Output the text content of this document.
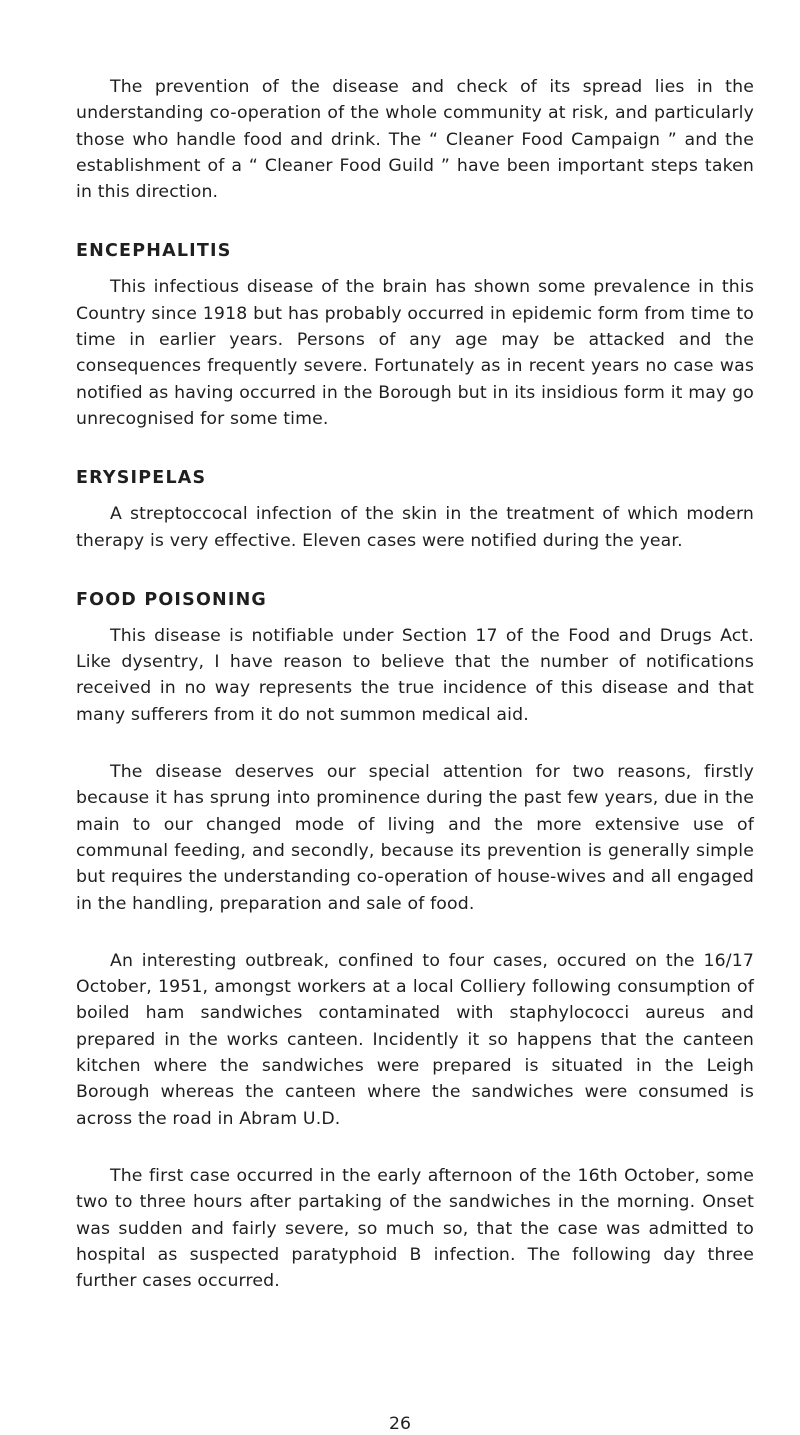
The prevention of the disease and check of its spread lies in the understanding co-operation of the whole community at risk, and particularly those who handle food and drink. The “ Cleaner Food Campaign ” and the establishment of a “ Cleaner Food Guild ” have been important steps taken in this direction.

ENCEPHALITIS

This infectious disease of the brain has shown some prevalence in this Country since 1918 but has probably occurred in epidemic form from time to time in earlier years. Persons of any age may be attacked and the consequences frequently severe. Fortunately as in recent years no case was notified as having occurred in the Borough but in its insidious form it may go unrecognised for some time.

ERYSIPELAS

A streptoccocal infection of the skin in the treatment of which modern therapy is very effective. Eleven cases were notified during the year.

FOOD POISONING

This disease is notifiable under Section 17 of the Food and Drugs Act. Like dysentry, I have reason to believe that the number of notifications received in no way represents the true incidence of this disease and that many sufferers from it do not summon medical aid.

The disease deserves our special attention for two reasons, firstly because it has sprung into prominence during the past few years, due in the main to our changed mode of living and the more extensive use of communal feeding, and secondly, because its prevention is generally simple but requires the understanding co-operation of house-wives and all engaged in the handling, preparation and sale of food.

An interesting outbreak, confined to four cases, occured on the 16/17 October, 1951, amongst workers at a local Colliery following consumption of boiled ham sandwiches contaminated with staphylococci aureus and prepared in the works canteen. Incidently it so happens that the canteen kitchen where the sandwiches were prepared is situated in the Leigh Borough whereas the canteen where the sandwiches were consumed is across the road in Abram U.D.

The first case occurred in the early afternoon of the 16th October, some two to three hours after partaking of the sandwiches in the morning. Onset was sudden and fairly severe, so much so, that the case was admitted to hospital as suspected paratyphoid B infection. The following day three further cases occurred.

26
